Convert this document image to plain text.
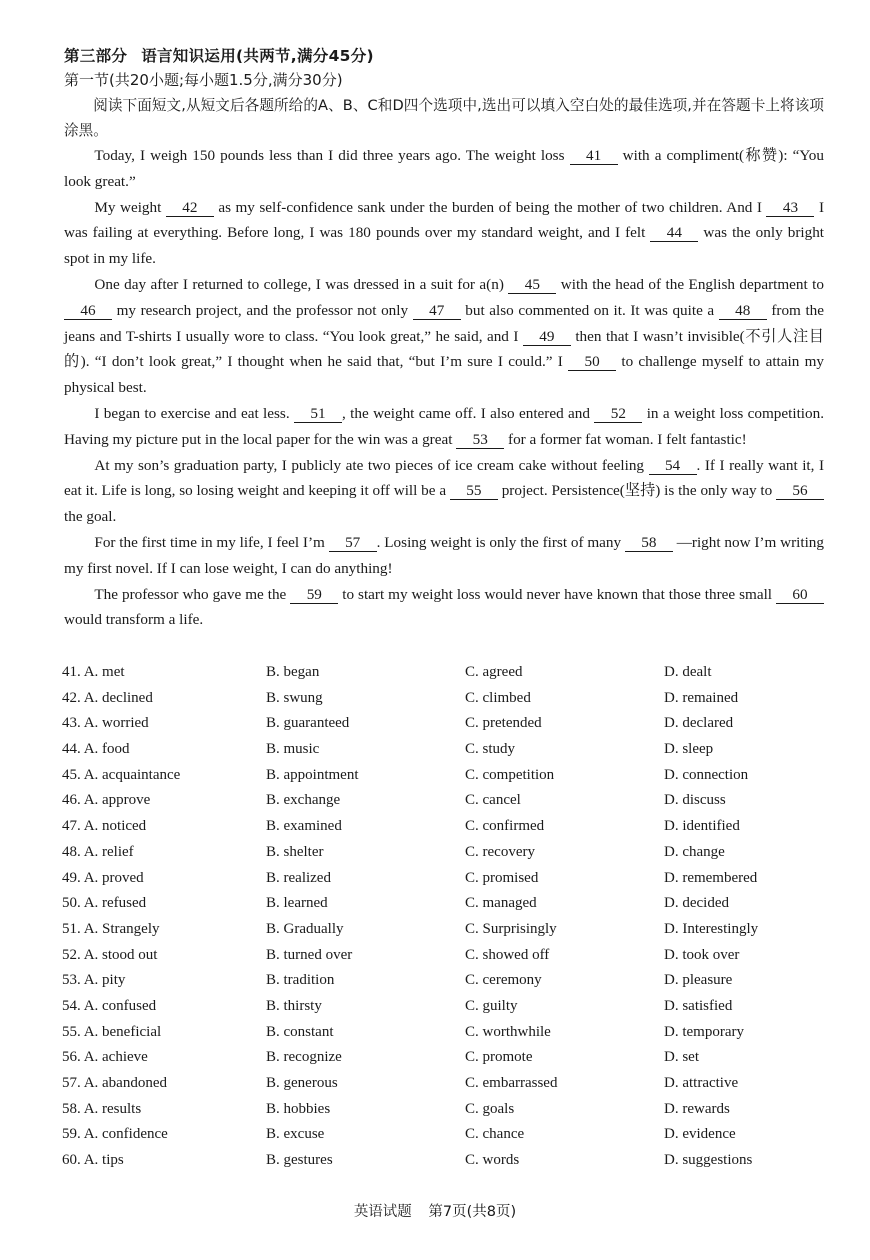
第三部分 语言知识运用(共两节,满分45分)
第一节(共20小题;每小题1.5分,满分30分)

阅读下面短文,从短文后各题所给的A、B、C和D四个选项中,选出可以填入空白处的最佳选项,并在答题卡上将该项涂黑。

Today, I weigh 150 pounds less than I did three years ago. The weight loss 41 with a compliment(称赞): “You look great.”

My weight 42 as my self-confidence sank under the burden of being the mother of two children. And I 43 I was failing at everything. Before long, I was 180 pounds over my standard weight, and I felt 44 was the only bright spot in my life.

One day after I returned to college, I was dressed in a suit for a(n) 45 with the head of the English department to 46 my research project, and the professor not only 47 but also commented on it. It was quite a 48 from the jeans and T-shirts I usually wore to class. “You look great,” he said, and I 49 then that I wasn’t invisible(不引人注目的). “I don’t look great,” I thought when he said that, “but I’m sure I could.” I 50 to challenge myself to attain my physical best.

I began to exercise and eat less. 51 , the weight came off. I also entered and 52 in a weight loss competition. Having my picture put in the local paper for the win was a great 53 for a former fat woman. I felt fantastic!

At my son’s graduation party, I publicly ate two pieces of ice cream cake without feeling 54 . If I really want it, I eat it. Life is long, so losing weight and keeping it off will be a 55 project. Persistence(坚持) is the only way to 56 the goal.

For the first time in my life, I feel I’m 57 . Losing weight is only the first of many 58 —right now I’m writing my first novel. If I can lose weight, I can do anything!

The professor who gave me the 59 to start my weight loss would never have known that those three small 60 would transform a life.

41. A. met	B. began	C. agreed	D. dealt
42. A. declined	B. swung	C. climbed	D. remained
43. A. worried	B. guaranteed	C. pretended	D. declared
44. A. food	B. music	C. study	D. sleep
45. A. acquaintance	B. appointment	C. competition	D. connection
46. A. approve	B. exchange	C. cancel	D. discuss
47. A. noticed	B. examined	C. confirmed	D. identified
48. A. relief	B. shelter	C. recovery	D. change
49. A. proved	B. realized	C. promised	D. remembered
50. A. refused	B. learned	C. managed	D. decided
51. A. Strangely	B. Gradually	C. Surprisingly	D. Interestingly
52. A. stood out	B. turned over	C. showed off	D. took over
53. A. pity	B. tradition	C. ceremony	D. pleasure
54. A. confused	B. thirsty	C. guilty	D. satisfied
55. A. beneficial	B. constant	C. worthwhile	D. temporary
56. A. achieve	B. recognize	C. promote	D. set
57. A. abandoned	B. generous	C. embarrassed	D. attractive
58. A. results	B. hobbies	C. goals	D. rewards
59. A. confidence	B. excuse	C. chance	D. evidence
60. A. tips	B. gestures	C. words	D. suggestions
英语试题 第7页(共8页)
